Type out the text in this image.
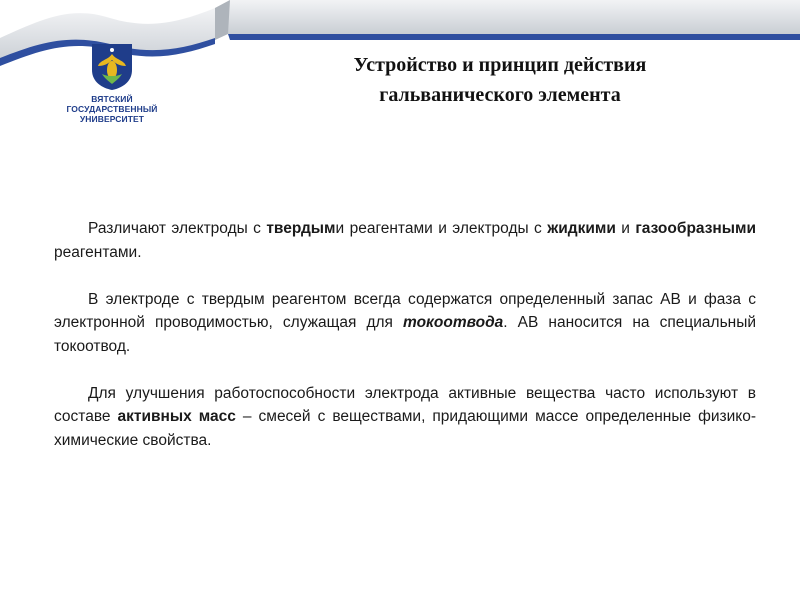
ВЯТСКИЙ
ГОСУДАРСТВЕННЫЙ
УНИВЕРСИТЕТ
Устройство и принцип действия
гальванического элемента

Различают электроды с твердыми реагентами и электроды с жидкими и газообразными реагентами.

В электроде с твердым реагентом всегда содержатся определенный запас АВ и фаза с электронной проводимостью, служащая для токоотвода. АВ наносится на специальный токоотвод.

Для улучшения работоспособности электрода активные вещества часто используют в составе активных масс – смесей с веществами, придающими массе определенные физико-химические свойства.
